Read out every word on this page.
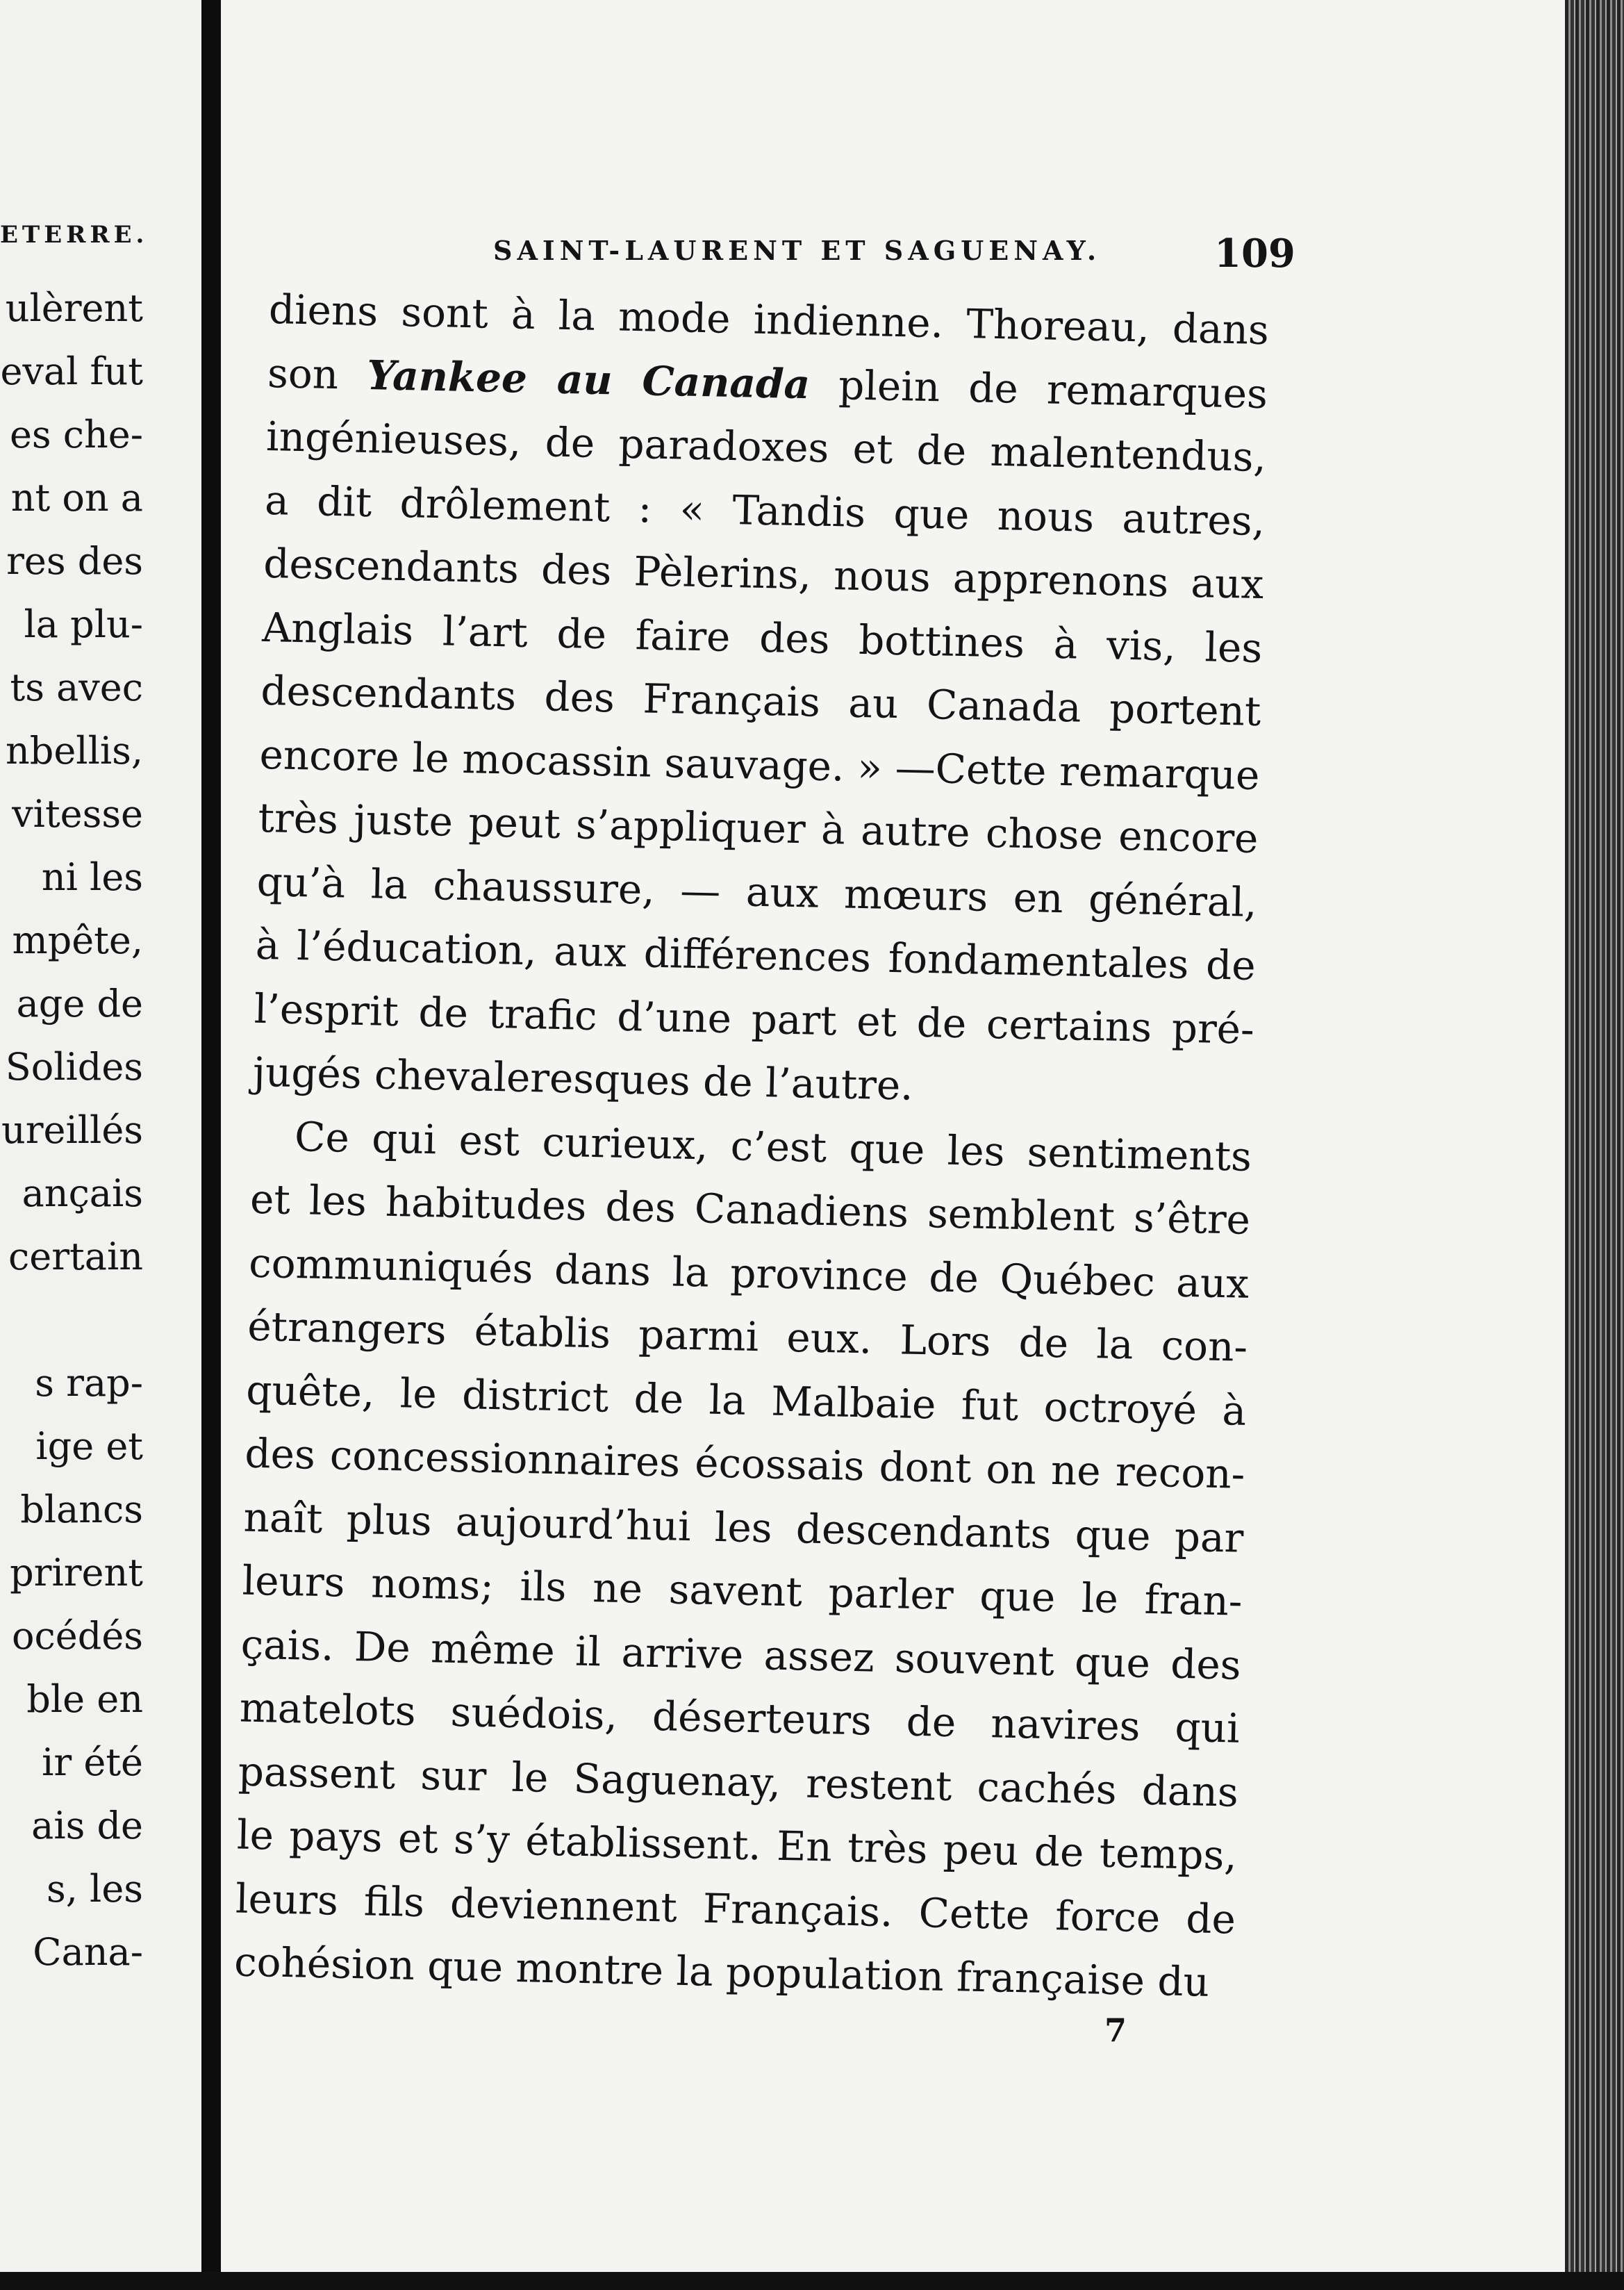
ETERRE.
ulèrent
eval fut
es che-
nt on a
res des
la plu-
ts avec
nbellis,
vitesse
ni les
mpête,
age de
Solides
ureillés
ançais
certain
s rap-
ige et
blancs
prirent
océdés
ble en
ir été
ais de
s, les
Cana-
SAINT-LAURENT ET SAGUENAY.	109
diens sont à la mode indienne. Thoreau, dans
son Yankee au Canada plein de remarques
ingénieuses, de paradoxes et de malentendus,
a dit drôlement : « Tandis que nous autres,
descendants des Pèlerins, nous apprenons aux
Anglais l’art de faire des bottines à vis, les
descendants des Français au Canada portent
encore le mocassin sauvage. » —Cette remarque
très juste peut s’appliquer à autre chose encore
qu’à la chaussure, — aux mœurs en général,
à l’éducation, aux différences fondamentales de
l’esprit de trafic d’une part et de certains pré-
jugés chevaleresques de l’autre.
Ce qui est curieux, c’est que les sentiments
et les habitudes des Canadiens semblent s’être
communiqués dans la province de Québec aux
étrangers établis parmi eux. Lors de la con-
quête, le district de la Malbaie fut octroyé à
des concessionnaires écossais dont on ne recon-
naît plus aujourd’hui les descendants que par
leurs noms; ils ne savent parler que le fran-
çais. De même il arrive assez souvent que des
matelots suédois, déserteurs de navires qui
passent sur le Saguenay, restent cachés dans
le pays et s’y établissent. En très peu de temps,
leurs fils deviennent Français. Cette force de
cohésion que montre la population française du
7
